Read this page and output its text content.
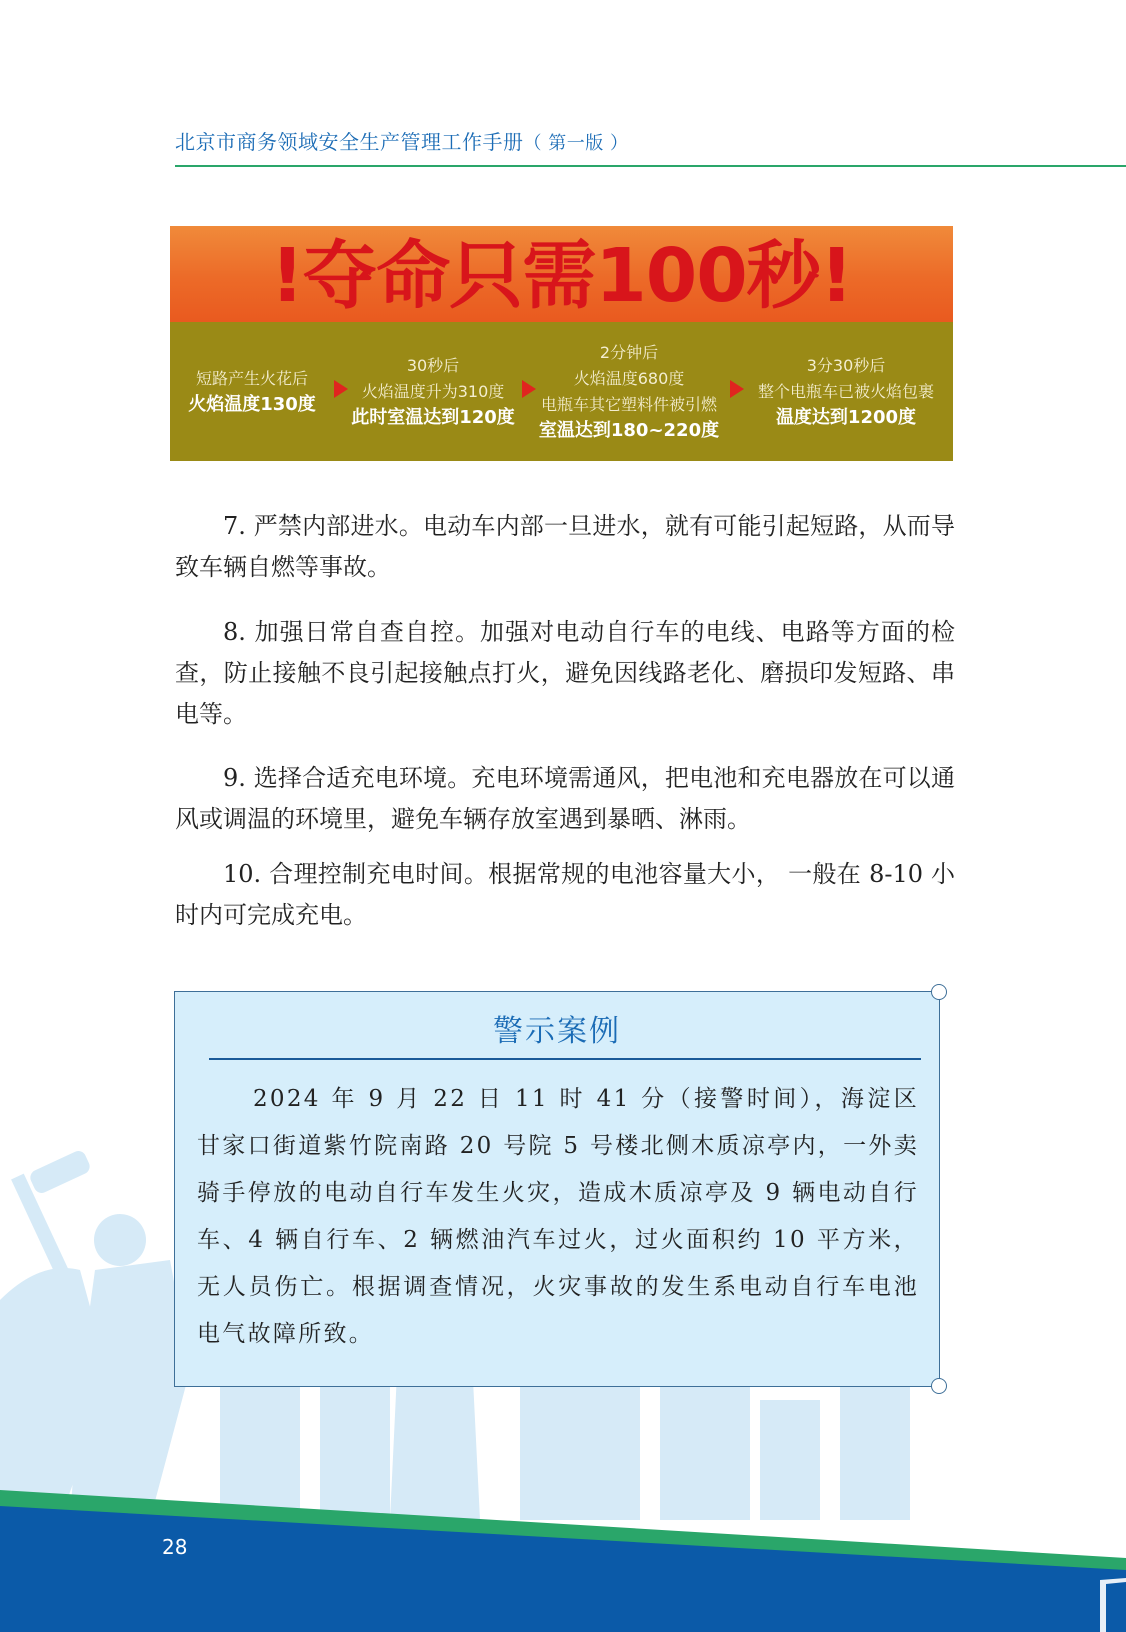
北京市商务领域安全生产管理工作手册（ 第一版 ）
!夺命只需100秒!
短路产生火花后
火焰温度130度
30秒后
火焰温度升为310度
此时室温达到120度
2分钟后
火焰温度680度
电瓶车其它塑料件被引燃
室温达到180~220度
3分30秒后
整个电瓶车已被火焰包裹
温度达到1200度

7. 严禁内部进水。电动车内部一旦进水，就有可能引起短路，从而导致车辆自燃等事故。

8. 加强日常自查自控。加强对电动自行车的电线、电路等方面的检查，防止接触不良引起接触点打火，避免因线路老化、磨损印发短路、串电等。

9. 选择合适充电环境。充电环境需通风，把电池和充电器放在可以通风或调温的环境里，避免车辆存放室遇到暴晒、淋雨。

10. 合理控制充电时间。根据常规的电池容量大小， 一般在 8-10 小时内可完成充电。

警示案例

2024 年 9 月 22 日 11 时 41 分（接警时间），海淀区甘家口街道紫竹院南路 20 号院 5 号楼北侧木质凉亭内，一外卖骑手停放的电动自行车发生火灾，造成木质凉亭及 9 辆电动自行车、4 辆自行车、2 辆燃油汽车过火，过火面积约 10 平方米，无人员伤亡。根据调查情况，火灾事故的发生系电动自行车电池电气故障所致。

28
